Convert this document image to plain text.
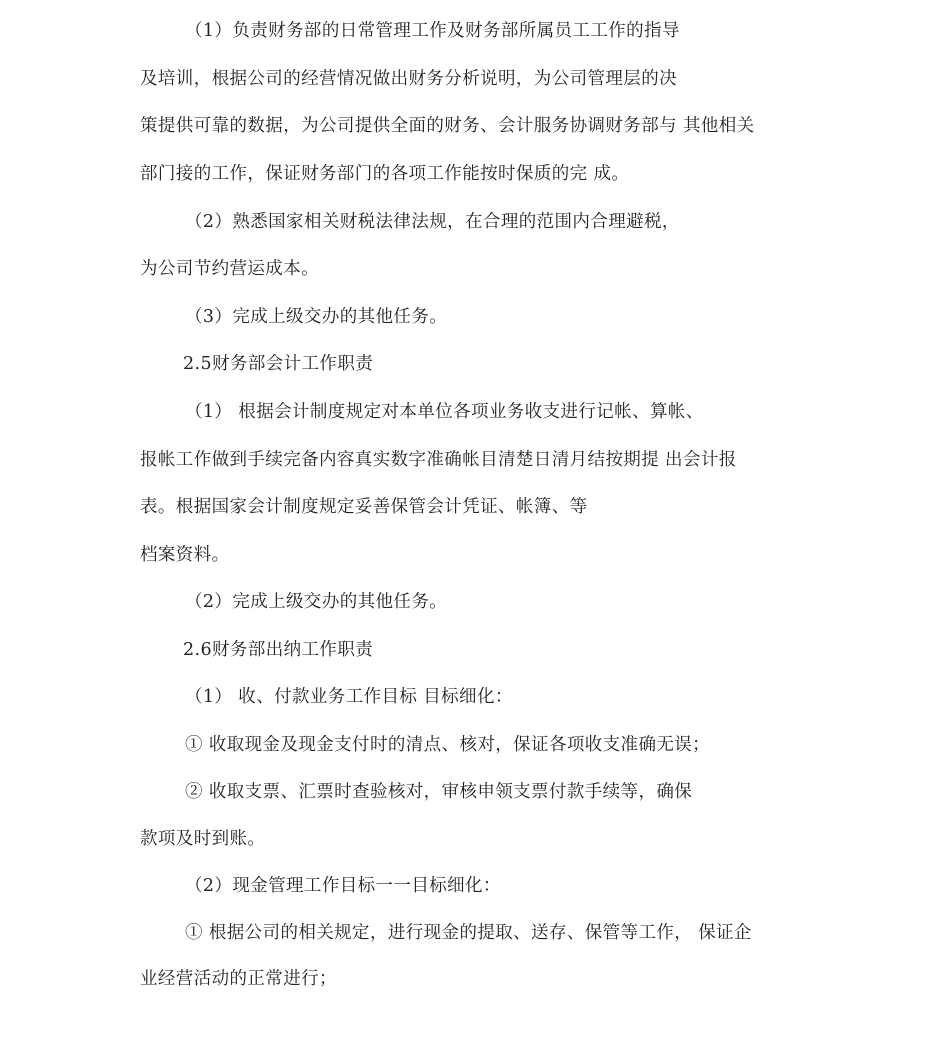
（1）负责财务部的日常管理工作及财务部所属员工工作的指导
及培训，根据公司的经营情况做出财务分析说明，为公司管理层的决
策提供可靠的数据，为公司提供全面的财务、会计服务协调财务部与 其他相关
部门接的工作，保证财务部门的各项工作能按时保质的完 成。
（2）熟悉国家相关财税法律法规，在合理的范围内合理避税，
为公司节约营运成本。
（3）完成上级交办的其他任务。
2.5财务部会计工作职责
（1） 根据会计制度规定对本单位各项业务收支进行记帐、算帐、
报帐工作做到手续完备内容真实数字准确帐目清楚日清月结按期提 出会计报
表。根据国家会计制度规定妥善保管会计凭证、帐簿、等
档案资料。
（2）完成上级交办的其他任务。
2.6财务部出纳工作职责
（1） 收、付款业务工作目标 目标细化：
① 收取现金及现金支付时的清点、核对，保证各项收支准确无误；
② 收取支票、汇票时查验核对，审核申领支票付款手续等，确保
款项及时到账。
（2）现金管理工作目标一一目标细化：
① 根据公司的相关规定，进行现金的提取、送存、保管等工作， 保证企
业经营活动的正常进行；
